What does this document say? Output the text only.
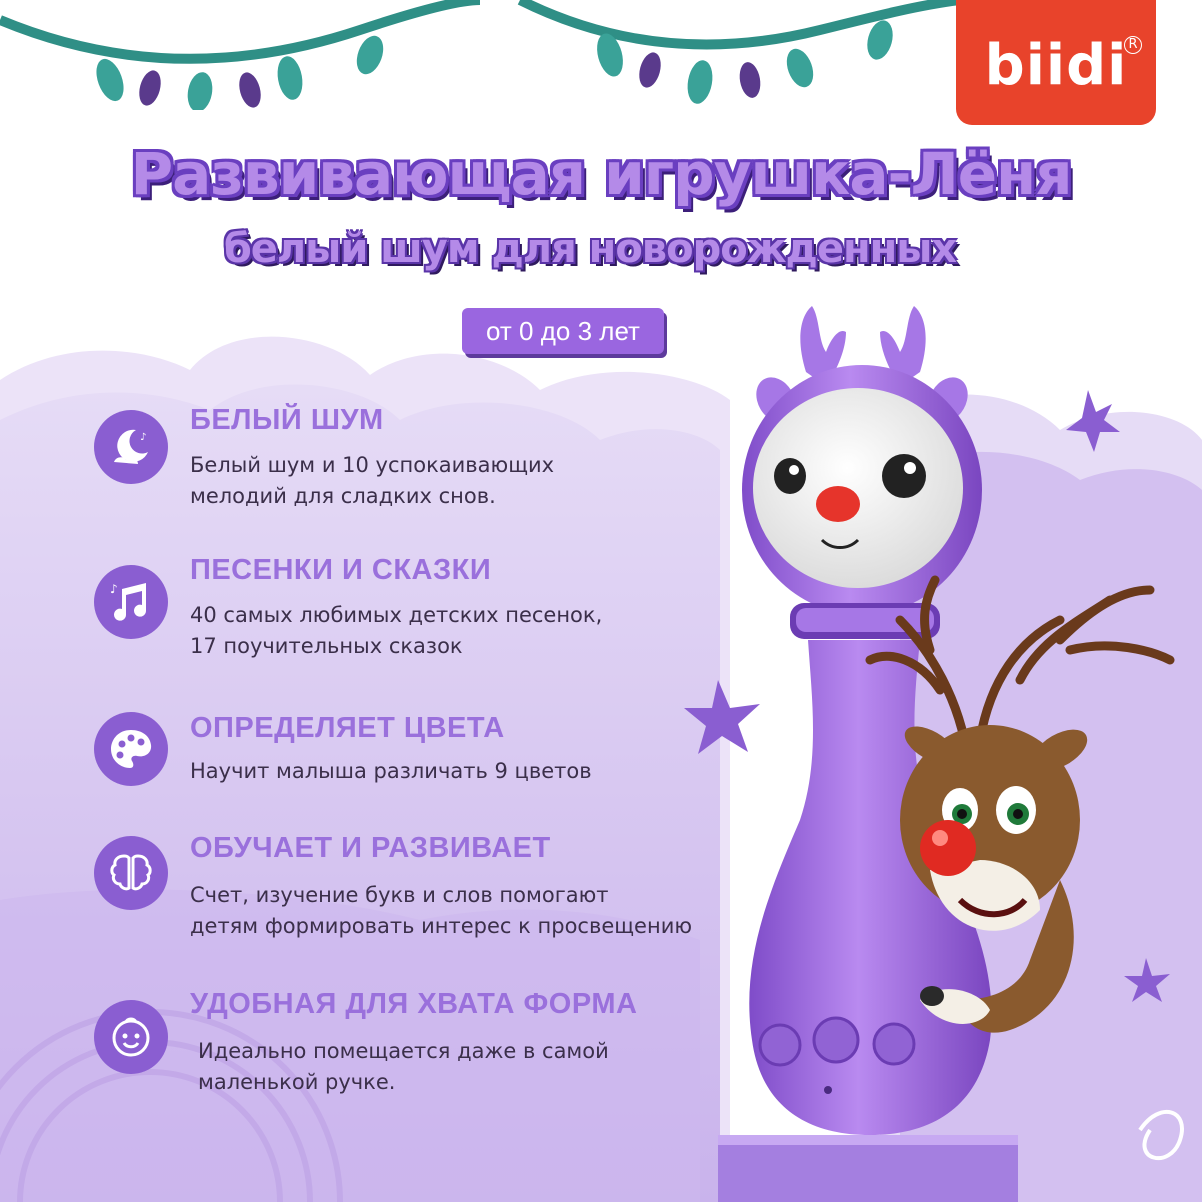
biidi R
Развивающая игрушка-Лёня
белый шум для новорожденных
от 0 до 3 лет
♪
БЕЛЫЙ ШУМ
Белый шум и 10 успокаивающих
мелодий для сладких снов.
♪
ПЕСЕНКИ И СКАЗКИ
40 самых любимых детских песенок,
17 поучительных сказок
ОПРЕДЕЛЯЕТ ЦВЕТА
Научит малыша различать 9 цветов
ОБУЧАЕТ И РАЗВИВАЕТ
Счет, изучение букв и слов помогают
детям формировать интерес к просвещению
УДОБНАЯ ДЛЯ ХВАТА ФОРМА
Идеально помещается даже в самой
маленькой ручке.
